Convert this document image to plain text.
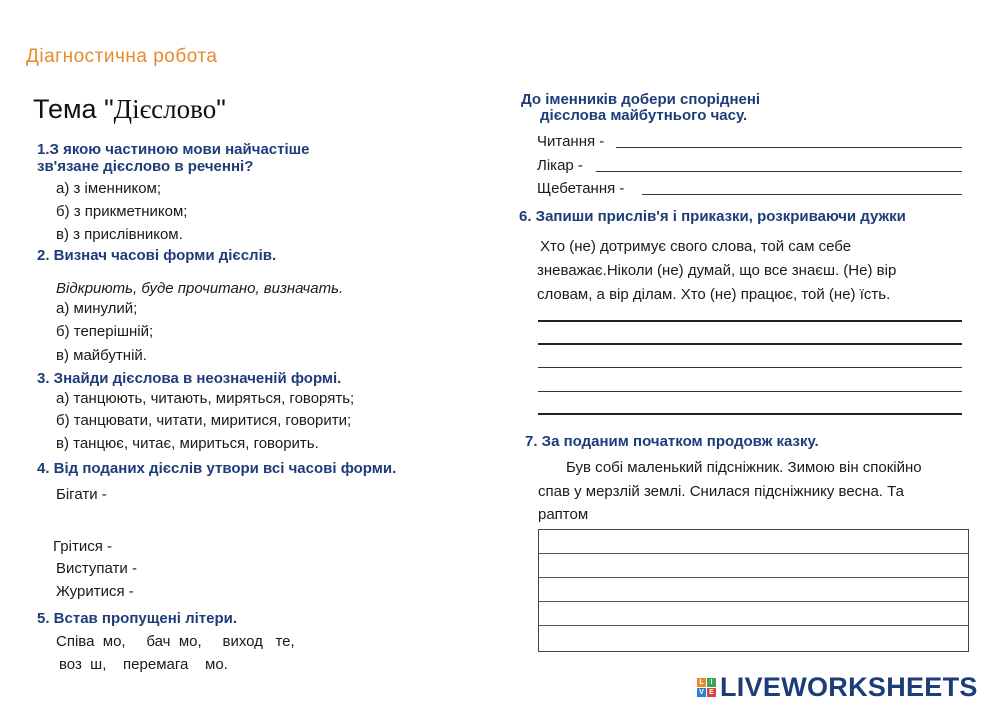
Діагностична робота
Тема "Дієслово"
1.З якою частиною мови найчастіше
зв'язане дієслово в реченні?
а) з іменником;
б) з прикметником;
в) з прислівником.
2. Визнач часові форми дієслів.
Відкриють, буде прочитано, визначать.
а) минулий;
б) теперішній;
в) майбутній.
3. Знайди дієслова в неозначеній формі.
а) танцюють, читають, миряться, говорять;
б) танцювати, читати, миритися, говорити;
в) танцює, читає, мириться, говорить.
4. Від поданих дієслів утвори всі часові форми.
Бігати -
Грітися -
Виступати -
Журитися -
5. Встав пропущені літери.
Співа  мо,     бач  мо,     виход   те,
воз  ш,    перемага    мо.
До іменників добери споріднені
дієслова майбутнього часу.
Читання -
Лікар -
Щебетання -
6. Запиши прислів'я і приказки, розкриваючи дужки
Хто (не) дотримує свого слова, той сам себе
зневажає.Ніколи (не) думай, що все знаєш. (Не) вір
словам, а вір ділам. Хто (не) працює, той (не) їсть.
7. За поданим початком продовж казку.
Був собі маленький підсніжник. Зимою він спокійно
спав у мерзлій землі. Снилася підсніжнику весна. Та
раптом
L I
V E LIVEWORKSHEETS
